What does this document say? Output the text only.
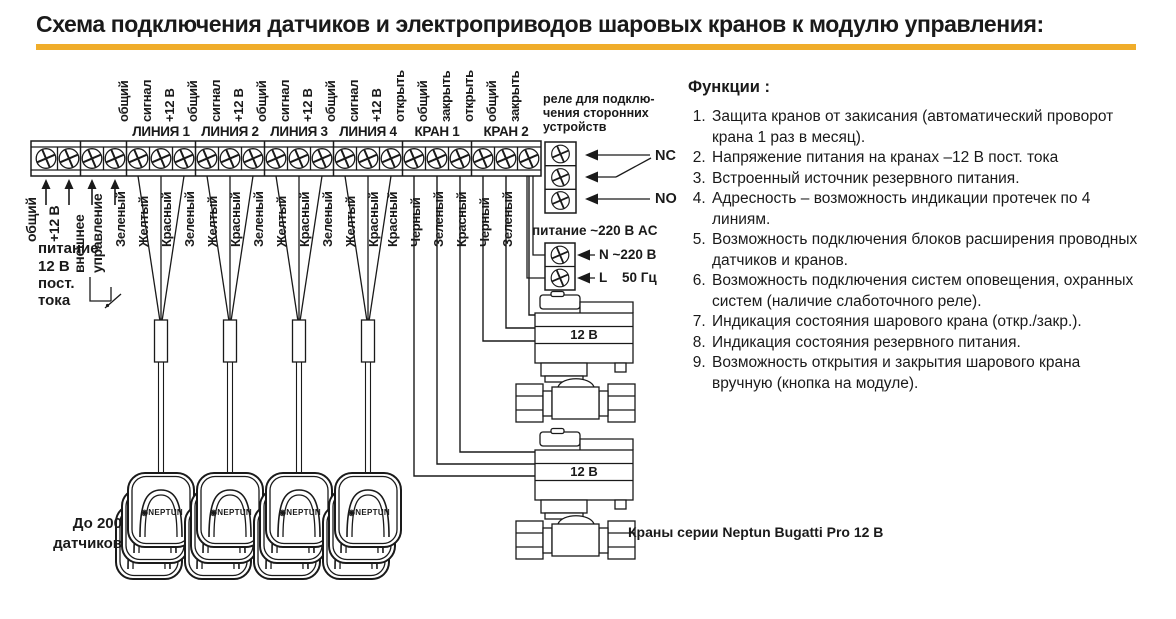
Схема подключения датчиков и электроприводов шаровых кранов к модулю управления:
общий сигнал +12 В общий сигнал +12 В общий сигнал +12 В общий сигнал +12 В открыть общий закрыть открыть общий закрыть
ЛИНИЯ 1 ЛИНИЯ 2 ЛИНИЯ 3 ЛИНИЯ 4	КРАН 1	КРАН 2
Зеленый Желтый Красный Зеленый Желтый Красный Зеленый Желтый Красный Зеленый Желтый Красный Красный Черный Зеленый Красный Черный Зеленый
общий +12 В внешнее управление
питание
12 В
пост.
тока
реле для подклю-
чения сторонних
устройств
NC
NO
питание ~220 В AC
N ~220 В
L    50 Гц
12 В
12 В
Краны серии Neptun Bugatti Pro 12 В
До 200
датчиков
◉NEPTUN	◉NEPTUN	◉NEPTUN	◉NEPTUN
Функции :
1. Защита кранов от закисания (автоматический проворот крана 1 раз в месяц).
2. Напряжение питания на кранах –12 В пост. тока
3. Встроенный источник резервного питания.
4. Адресность – возможность индикации протечек по 4 линиям.
5. Возможность подключения блоков расширения проводных датчиков и кранов.
6. Возможность подключения систем оповещения, охранных систем (наличие слаботочного реле).
7. Индикация состояния шарового крана (откр./закр.).
8. Индикация состояния резервного питания.
9. Возможность открытия и закрытия шарового крана вручную (кнопка на модуле).
